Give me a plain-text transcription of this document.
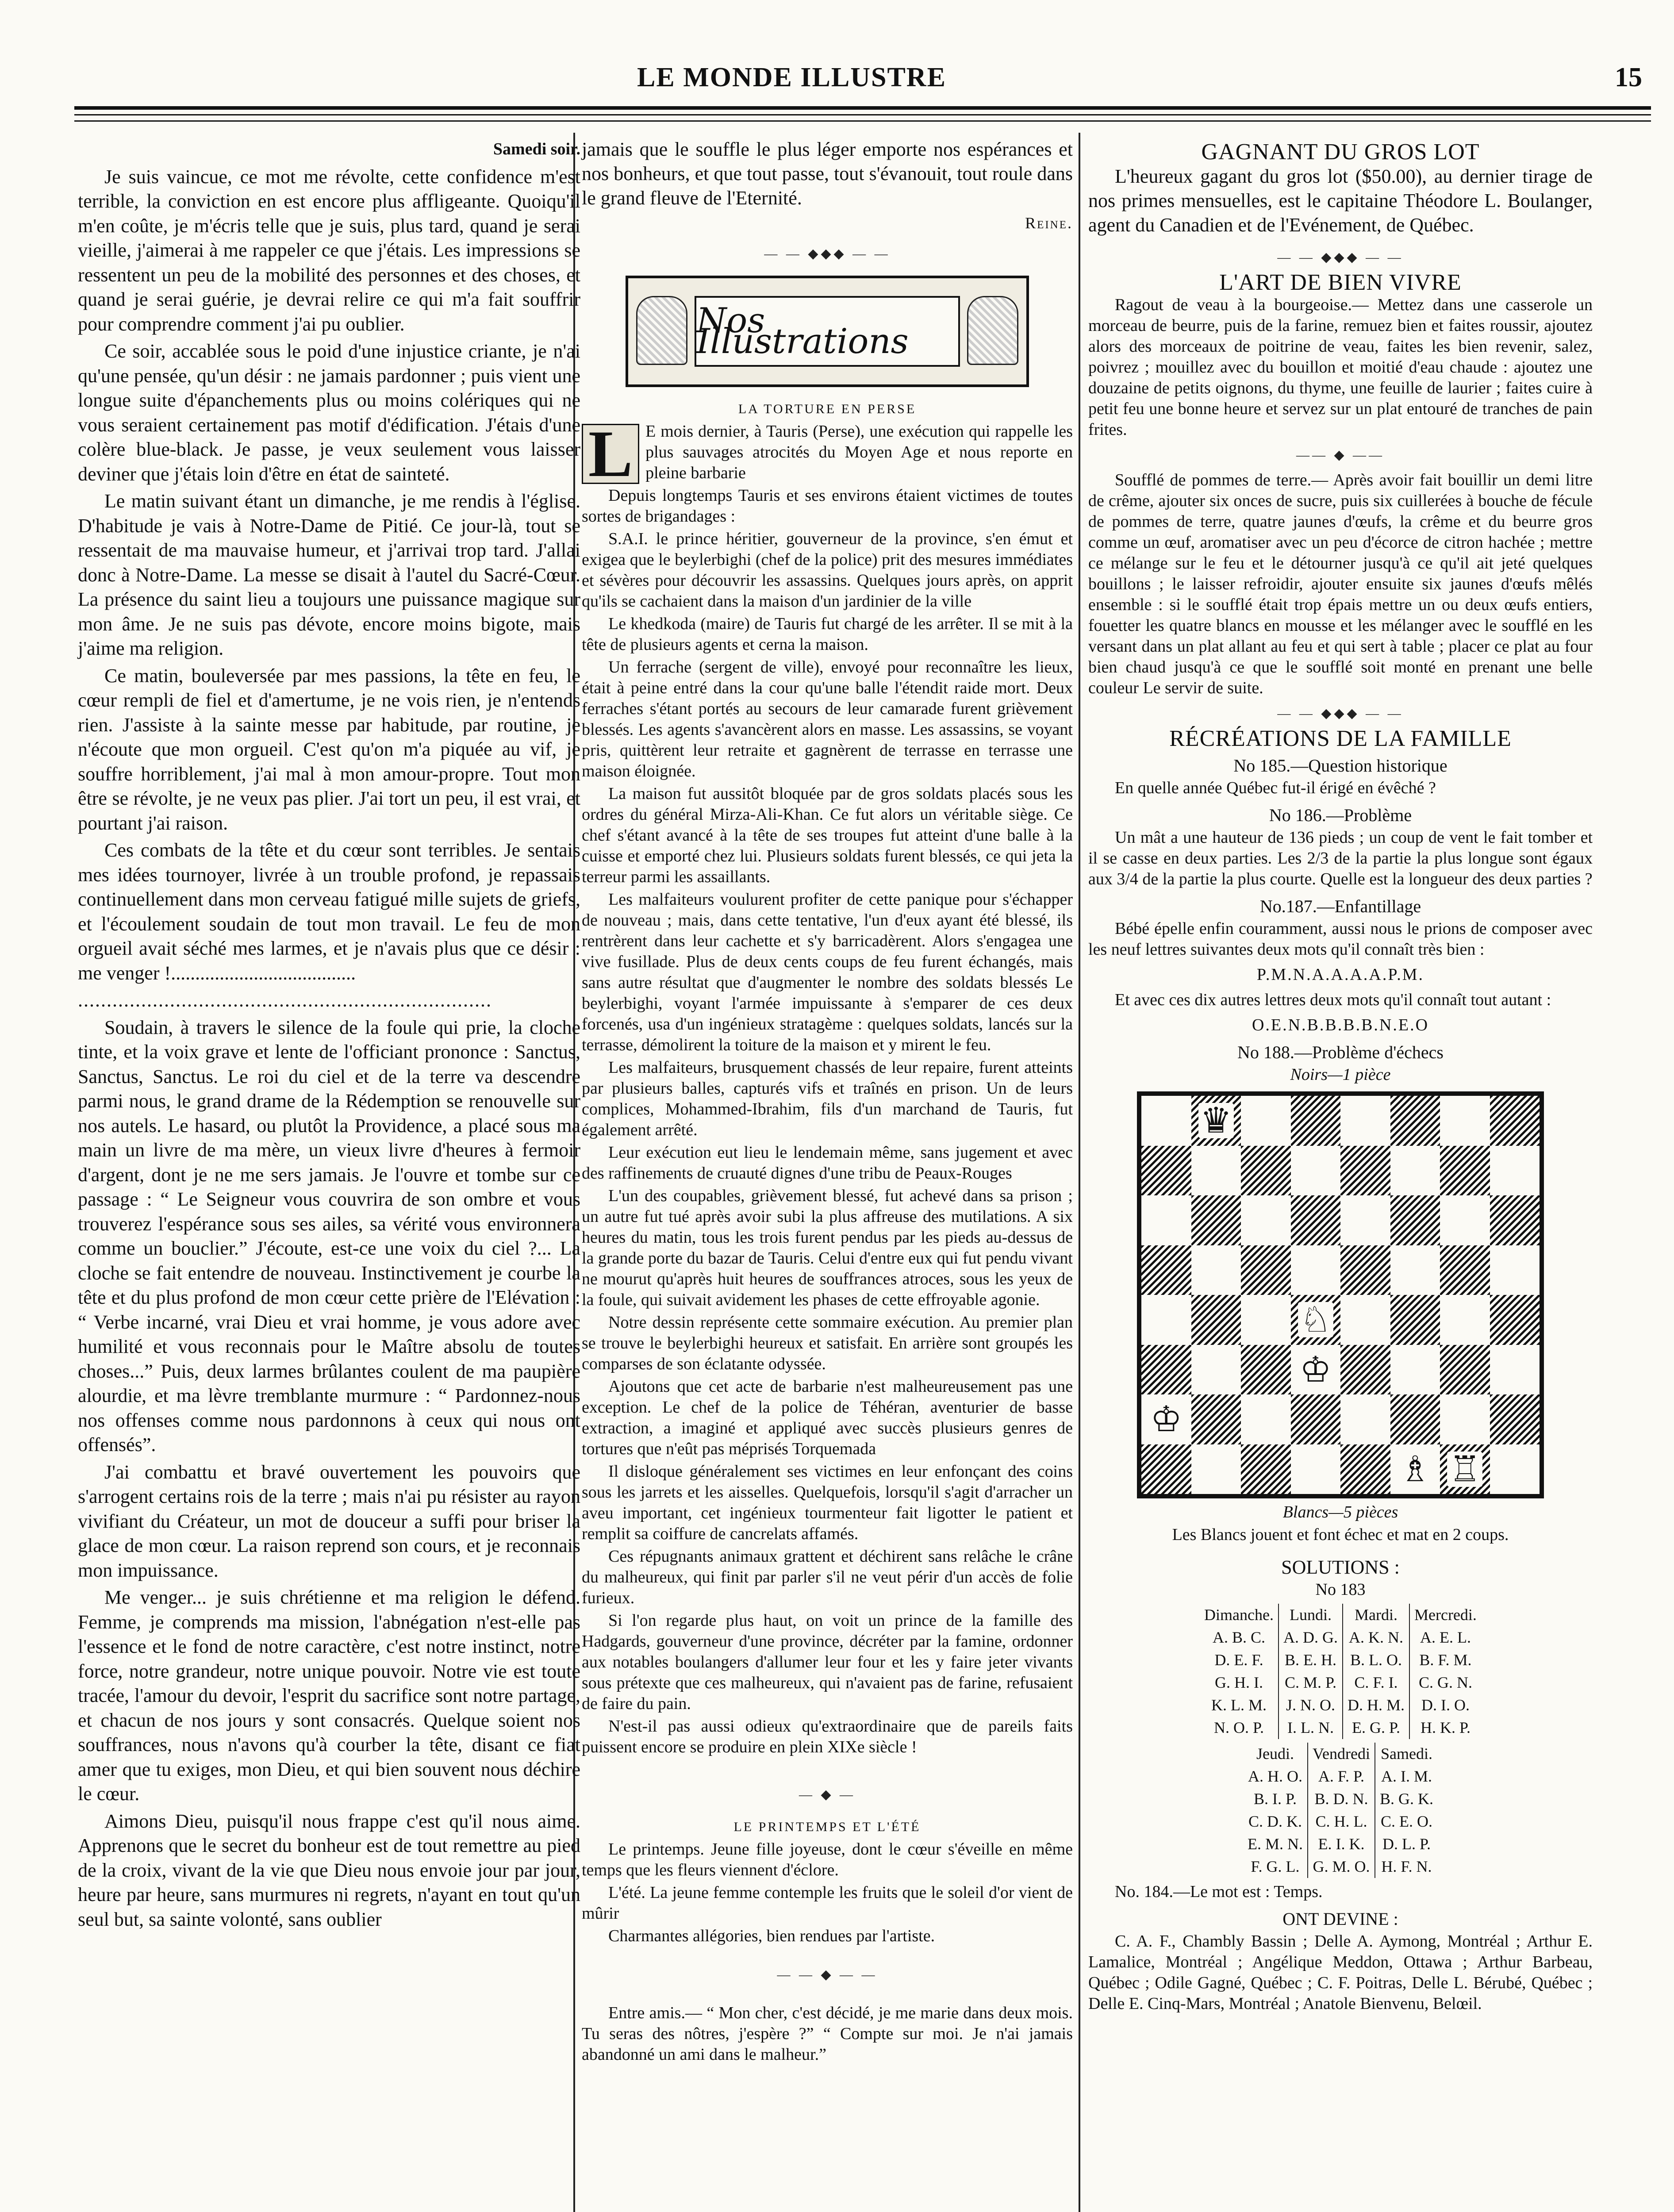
LE MONDE ILLUSTRE	15

Samedi soir.

Je suis vaincue, ce mot me révolte, cette confidence m'est terrible, la conviction en est encore plus affligeante. Quoiqu'il m'en coûte, je m'écris telle que je suis, plus tard, quand je serai vieille, j'aimerai à me rappeler ce que j'étais. Les impressions se ressentent un peu de la mobilité des personnes et des choses, et quand je serai guérie, je devrai relire ce qui m'a fait souffrir pour comprendre comment j'ai pu oublier.

Ce soir, accablée sous le poid d'une injustice criante, je n'ai qu'une pensée, qu'un désir : ne jamais pardonner ; puis vient une longue suite d'épanchements plus ou moins colériques qui ne vous seraient certainement pas motif d'édification. J'étais d'une colère blue-black. Je passe, je veux seulement vous laisser deviner que j'étais loin d'être en état de sainteté.

Le matin suivant étant un dimanche, je me rendis à l'église. D'habitude je vais à Notre-Dame de Pitié. Ce jour-là, tout se ressentait de ma mauvaise humeur, et j'arrivai trop tard. J'allai donc à Notre-Dame. La messe se disait à l'autel du Sacré-Cœur. La présence du saint lieu a toujours une puissance magique sur mon âme. Je ne suis pas dévote, encore moins bigote, mais j'aime ma religion.

Ce matin, bouleversée par mes passions, la tête en feu, le cœur rempli de fiel et d'amertume, je ne vois rien, je n'entends rien. J'assiste à la sainte messe par habitude, par routine, je n'écoute que mon orgueil. C'est qu'on m'a piquée au vif, je souffre horriblement, j'ai mal à mon amour-propre. Tout mon être se révolte, je ne veux pas plier. J'ai tort un peu, il est vrai, et pourtant j'ai raison.

Ces combats de la tête et du cœur sont terribles. Je sentais mes idées tournoyer, livrée à un trouble profond, je repassais continuellement dans mon cerveau fatigué mille sujets de griefs, et l'écoulement soudain de tout mon travail. Le feu de mon orgueil avait séché mes larmes, et je n'avais plus que ce désir : me venger !......................................

........................................................................

Soudain, à travers le silence de la foule qui prie, la cloche tinte, et la voix grave et lente de l'officiant prononce : Sanctus, Sanctus, Sanctus. Le roi du ciel et de la terre va descendre parmi nous, le grand drame de la Rédemption se renouvelle sur nos autels. Le hasard, ou plutôt la Providence, a placé sous ma main un livre de ma mère, un vieux livre d'heures à fermoir d'argent, dont je ne me sers jamais. Je l'ouvre et tombe sur ce passage : “ Le Seigneur vous couvrira de son ombre et vous trouverez l'espérance sous ses ailes, sa vérité vous environnera comme un bouclier.” J'écoute, est-ce une voix du ciel ?... La cloche se fait entendre de nouveau. Instinctivement je courbe la tête et du plus profond de mon cœur cette prière de l'Elévation : “ Verbe incarné, vrai Dieu et vrai homme, je vous adore avec humilité et vous reconnais pour le Maître absolu de toutes choses...” Puis, deux larmes brûlantes coulent de ma paupière alourdie, et ma lèvre tremblante murmure : “ Pardonnez-nous nos offenses comme nous pardonnons à ceux qui nous ont offensés”.

J'ai combattu et bravé ouvertement les pouvoirs que s'arrogent certains rois de la terre ; mais n'ai pu résister au rayon vivifiant du Créateur, un mot de douceur a suffi pour briser la glace de mon cœur. La raison reprend son cours, et je reconnais mon impuissance.

Me venger... je suis chrétienne et ma religion le défend. Femme, je comprends ma mission, l'abnégation n'est-elle pas l'essence et le fond de notre caractère, c'est notre instinct, notre force, notre grandeur, notre unique pouvoir. Notre vie est toute tracée, l'amour du devoir, l'esprit du sacrifice sont notre partage, et chacun de nos jours y sont consacrés. Quelque soient nos souffrances, nous n'avons qu'à courber la tête, disant ce fiat amer que tu exiges, mon Dieu, et qui bien souvent nous déchire le cœur.

Aimons Dieu, puisqu'il nous frappe c'est qu'il nous aime. Apprenons que le secret du bonheur est de tout remettre au pied de la croix, vivant de la vie que Dieu nous envoie jour par jour, heure par heure, sans murmures ni regrets, n'ayant en tout qu'un seul but, sa sainte volonté, sans oublier

jamais que le souffle le plus léger emporte nos espérances et nos bonheurs, et que tout passe, tout s'évanouit, tout roule dans le grand fleuve de l'Eternité.

Reine.

— — ◆◆◆ — —

Nos Illustrations

LA TORTURE EN PERSE

L E mois dernier, à Tauris (Perse), une exécution qui rappelle les plus sauvages atrocités du Moyen Age et nous reporte en pleine barbarie

Depuis longtemps Tauris et ses environs étaient victimes de toutes sortes de brigandages :

S.A.I. le prince héritier, gouverneur de la province, s'en émut et exigea que le beylerbighi (chef de la police) prit des mesures immédiates et sévères pour découvrir les assassins. Quelques jours après, on apprit qu'ils se cachaient dans la maison d'un jardinier de la ville

Le khedkoda (maire) de Tauris fut chargé de les arrêter. Il se mit à la tête de plusieurs agents et cerna la maison.

Un ferrache (sergent de ville), envoyé pour reconnaître les lieux, était à peine entré dans la cour qu'une balle l'étendit raide mort. Deux ferraches s'étant portés au secours de leur camarade furent grièvement blessés. Les agents s'avancèrent alors en masse. Les assassins, se voyant pris, quittèrent leur retraite et gagnèrent de terrasse en terrasse une maison éloignée.

La maison fut aussitôt bloquée par de gros soldats placés sous les ordres du général Mirza-Ali-Khan. Ce fut alors un véritable siège. Ce chef s'étant avancé à la tête de ses troupes fut atteint d'une balle à la cuisse et emporté chez lui. Plusieurs soldats furent blessés, ce qui jeta la terreur parmi les assaillants.

Les malfaiteurs voulurent profiter de cette panique pour s'échapper de nouveau ; mais, dans cette tentative, l'un d'eux ayant été blessé, ils rentrèrent dans leur cachette et s'y barricadèrent. Alors s'engagea une vive fusillade. Plus de deux cents coups de feu furent échangés, mais sans autre résultat que d'augmenter le nombre des soldats blessés Le beylerbighi, voyant l'armée impuissante à s'emparer de ces deux forcenés, usa d'un ingénieux stratagème : quelques soldats, lancés sur la terrasse, démolirent la toiture de la maison et y mirent le feu.

Les malfaiteurs, brusquement chassés de leur repaire, furent atteints par plusieurs balles, capturés vifs et traînés en prison. Un de leurs complices, Mohammed-Ibrahim, fils d'un marchand de Tauris, fut également arrêté.

Leur exécution eut lieu le lendemain même, sans jugement et avec des raffinements de cruauté dignes d'une tribu de Peaux-Rouges

L'un des coupables, grièvement blessé, fut achevé dans sa prison ; un autre fut tué après avoir subi la plus affreuse des mutilations. A six heures du matin, tous les trois furent pendus par les pieds au-dessus de la grande porte du bazar de Tauris. Celui d'entre eux qui fut pendu vivant ne mourut qu'après huit heures de souffrances atroces, sous les yeux de la foule, qui suivait avidement les phases de cette effroyable agonie.

Notre dessin représente cette sommaire exécution. Au premier plan se trouve le beylerbighi heureux et satisfait. En arrière sont groupés les comparses de son éclatante odyssée.

Ajoutons que cet acte de barbarie n'est malheureusement pas une exception. Le chef de la police de Téhéran, aventurier de basse extraction, a imaginé et appliqué avec succès plusieurs genres de tortures que n'eût pas méprisés Torquemada

Il disloque généralement ses victimes en leur enfonçant des coins sous les jarrets et les aisselles. Quelquefois, lorsqu'il s'agit d'arracher un aveu important, cet ingénieux tourmenteur fait ligotter le patient et remplit sa coiffure de cancrelats affamés.

Ces répugnants animaux grattent et déchirent sans relâche le crâne du malheureux, qui finit par parler s'il ne veut périr d'un accès de folie furieux.

Si l'on regarde plus haut, on voit un prince de la famille des Hadgards, gouverneur d'une province, décréter par la famine, ordonner aux notables boulangers d'allumer leur four et les y faire jeter vivants sous prétexte que ces malheureux, qui n'avaient pas de farine, refusaient de faire du pain.

N'est-il pas aussi odieux qu'extraordinaire que de pareils faits puissent encore se produire en plein XIXe siècle !

— ◆ —

LE PRINTEMPS ET L'ÉTÉ

Le printemps. Jeune fille joyeuse, dont le cœur s'éveille en même temps que les fleurs viennent d'éclore.

L'été. La jeune femme contemple les fruits que le soleil d'or vient de mûrir

Charmantes allégories, bien rendues par l'artiste.

— — ◆ — —

Entre amis.— “ Mon cher, c'est décidé, je me marie dans deux mois. Tu seras des nôtres, j'espère ?” “ Compte sur moi. Je n'ai jamais abandonné un ami dans le malheur.”

GAGNANT DU GROS LOT

L'heureux gagant du gros lot ($50.00), au dernier tirage de nos primes mensuelles, est le capitaine Théodore L. Boulanger, agent du Canadien et de l'Evénement, de Québec.

— — ◆◆◆ — —

L'ART DE BIEN VIVRE

Ragout de veau à la bourgeoise.— Mettez dans une casserole un morceau de beurre, puis de la farine, remuez bien et faites roussir, ajoutez alors des morceaux de poitrine de veau, faites les bien revenir, salez, poivrez ; mouillez avec du bouillon et moitié d'eau chaude : ajoutez une douzaine de petits oignons, du thyme, une feuille de laurier ; faites cuire à petit feu une bonne heure et servez sur un plat entouré de tranches de pain frites.

—— ◆ ——

Soufflé de pommes de terre.— Après avoir fait bouillir un demi litre de crême, ajouter six onces de sucre, puis six cuillerées à bouche de fécule de pommes de terre, quatre jaunes d'œufs, la crême et du beurre gros comme un œuf, aromatiser avec un peu d'écorce de citron hachée ; mettre ce mélange sur le feu et le détourner jusqu'à ce qu'il ait jeté quelques bouillons ; le laisser refroidir, ajouter ensuite six jaunes d'œufs mêlés ensemble : si le soufflé était trop épais mettre un ou deux œufs entiers, fouetter les quatre blancs en mousse et les mélanger avec le soufflé en les versant dans un plat allant au feu et qui sert à table ; placer ce plat au four bien chaud jusqu'à ce que le soufflé soit monté en prenant une belle couleur Le servir de suite.

— — ◆◆◆ — —

RÉCRÉATIONS DE LA FAMILLE

No 185.—Question historique

En quelle année Québec fut-il érigé en évêché ?

No 186.—Problème

Un mât a une hauteur de 136 pieds ; un coup de vent le fait tomber et il se casse en deux parties. Les 2/3 de la partie la plus longue sont égaux aux 3/4 de la partie la plus courte. Quelle est la longueur des deux parties ?

No.187.—Enfantillage

Bébé épelle enfin couramment, aussi nous le prions de composer avec les neuf lettres suivantes deux mots qu'il connaît très bien :

P.M.N.A.A.A.A.P.M.

Et avec ces dix autres lettres deux mots qu'il connaît tout autant :

O.E.N.B.B.B.B.N.E.O

No 188.—Problème d'échecs

Noirs—1 pièce

♛
♘
♔
♔
♗ ♖

Blancs—5 pièces

Les Blancs jouent et font échec et mat en 2 coups.

SOLUTIONS :

No 183

Dimanche.	Lundi.	Mardi.	Mercredi.
A. B. C.	A. D. G.	A. K. N.	A. E. L.
D. E. F.	B. E. H.	B. L. O.	B. F. M.
G. H. I.	C. M. P.	C. F. I.	C. G. N.
K. L. M.	J. N. O.	D. H. M.	D. I. O.
N. O. P.	I. L. N.	E. G. P.	H. K. P.
Jeudi.	Vendredi	Samedi.
A. H. O.	A. F. P.	A. I. M.
B. I. P.	B. D. N.	B. G. K.
C. D. K.	C. H. L.	C. E. O.
E. M. N.	E. I. K.	D. L. P.
F. G. L.	G. M. O.	H. F. N.

No. 184.—Le mot est : Temps.

ONT DEVINE :

C. A. F., Chambly Bassin ; Delle A. Aymong, Montréal ; Arthur E. Lamalice, Montréal ; Angélique Meddon, Ottawa ; Arthur Barbeau, Québec ; Odile Gagné, Québec ; C. F. Poitras, Delle L. Bérubé, Québec ; Delle E. Cinq-Mars, Montréal ; Anatole Bienvenu, Belœil.
